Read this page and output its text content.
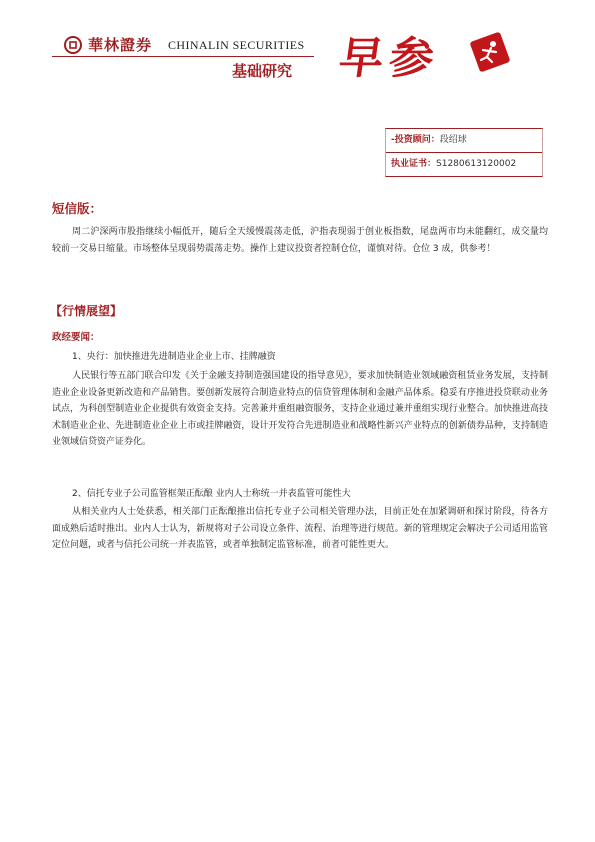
華林證券 CHINALIN SECURITIES
基础研究 早参
-投资顾问：段绍球
执业证书：S1280613120002
短信版：

周二沪深两市股指继续小幅低开，随后全天缓慢震荡走低，沪指表现弱于创业板指数，尾盘两市均未能翻红，成交量均较前一交易日缩量。市场整体呈现弱势震荡走势。操作上建议投资者控制仓位，谨慎对待。仓位 3 成，供参考！

【行情展望】
政经要闻：
1、央行：加快推进先进制造业企业上市、挂牌融资

人民银行等五部门联合印发《关于金融支持制造强国建设的指导意见》，要求加快制造业领域融资租赁业务发展，支持制造业企业设备更新改造和产品销售。要创新发展符合制造业特点的信贷管理体制和金融产品体系。稳妥有序推进投贷联动业务试点，为科创型制造业企业提供有效资金支持。完善兼并重组融资服务，支持企业通过兼并重组实现行业整合。加快推进高技术制造业企业、先进制造业企业上市或挂牌融资，设计开发符合先进制造业和战略性新兴产业特点的创新债券品种，支持制造业领域信贷资产证券化。

2、信托专业子公司监管框架正酝酿 业内人士称统一并表监管可能性大

从相关业内人士处获悉，相关部门正酝酿推出信托专业子公司相关管理办法，目前正处在加紧调研和探讨阶段，待各方面成熟后适时推出。业内人士认为，新规将对子公司设立条件、流程、治理等进行规范。新的管理规定会解决子公司适用监管定位问题，或者与信托公司统一并表监管，或者单独制定监管标准，前者可能性更大。
